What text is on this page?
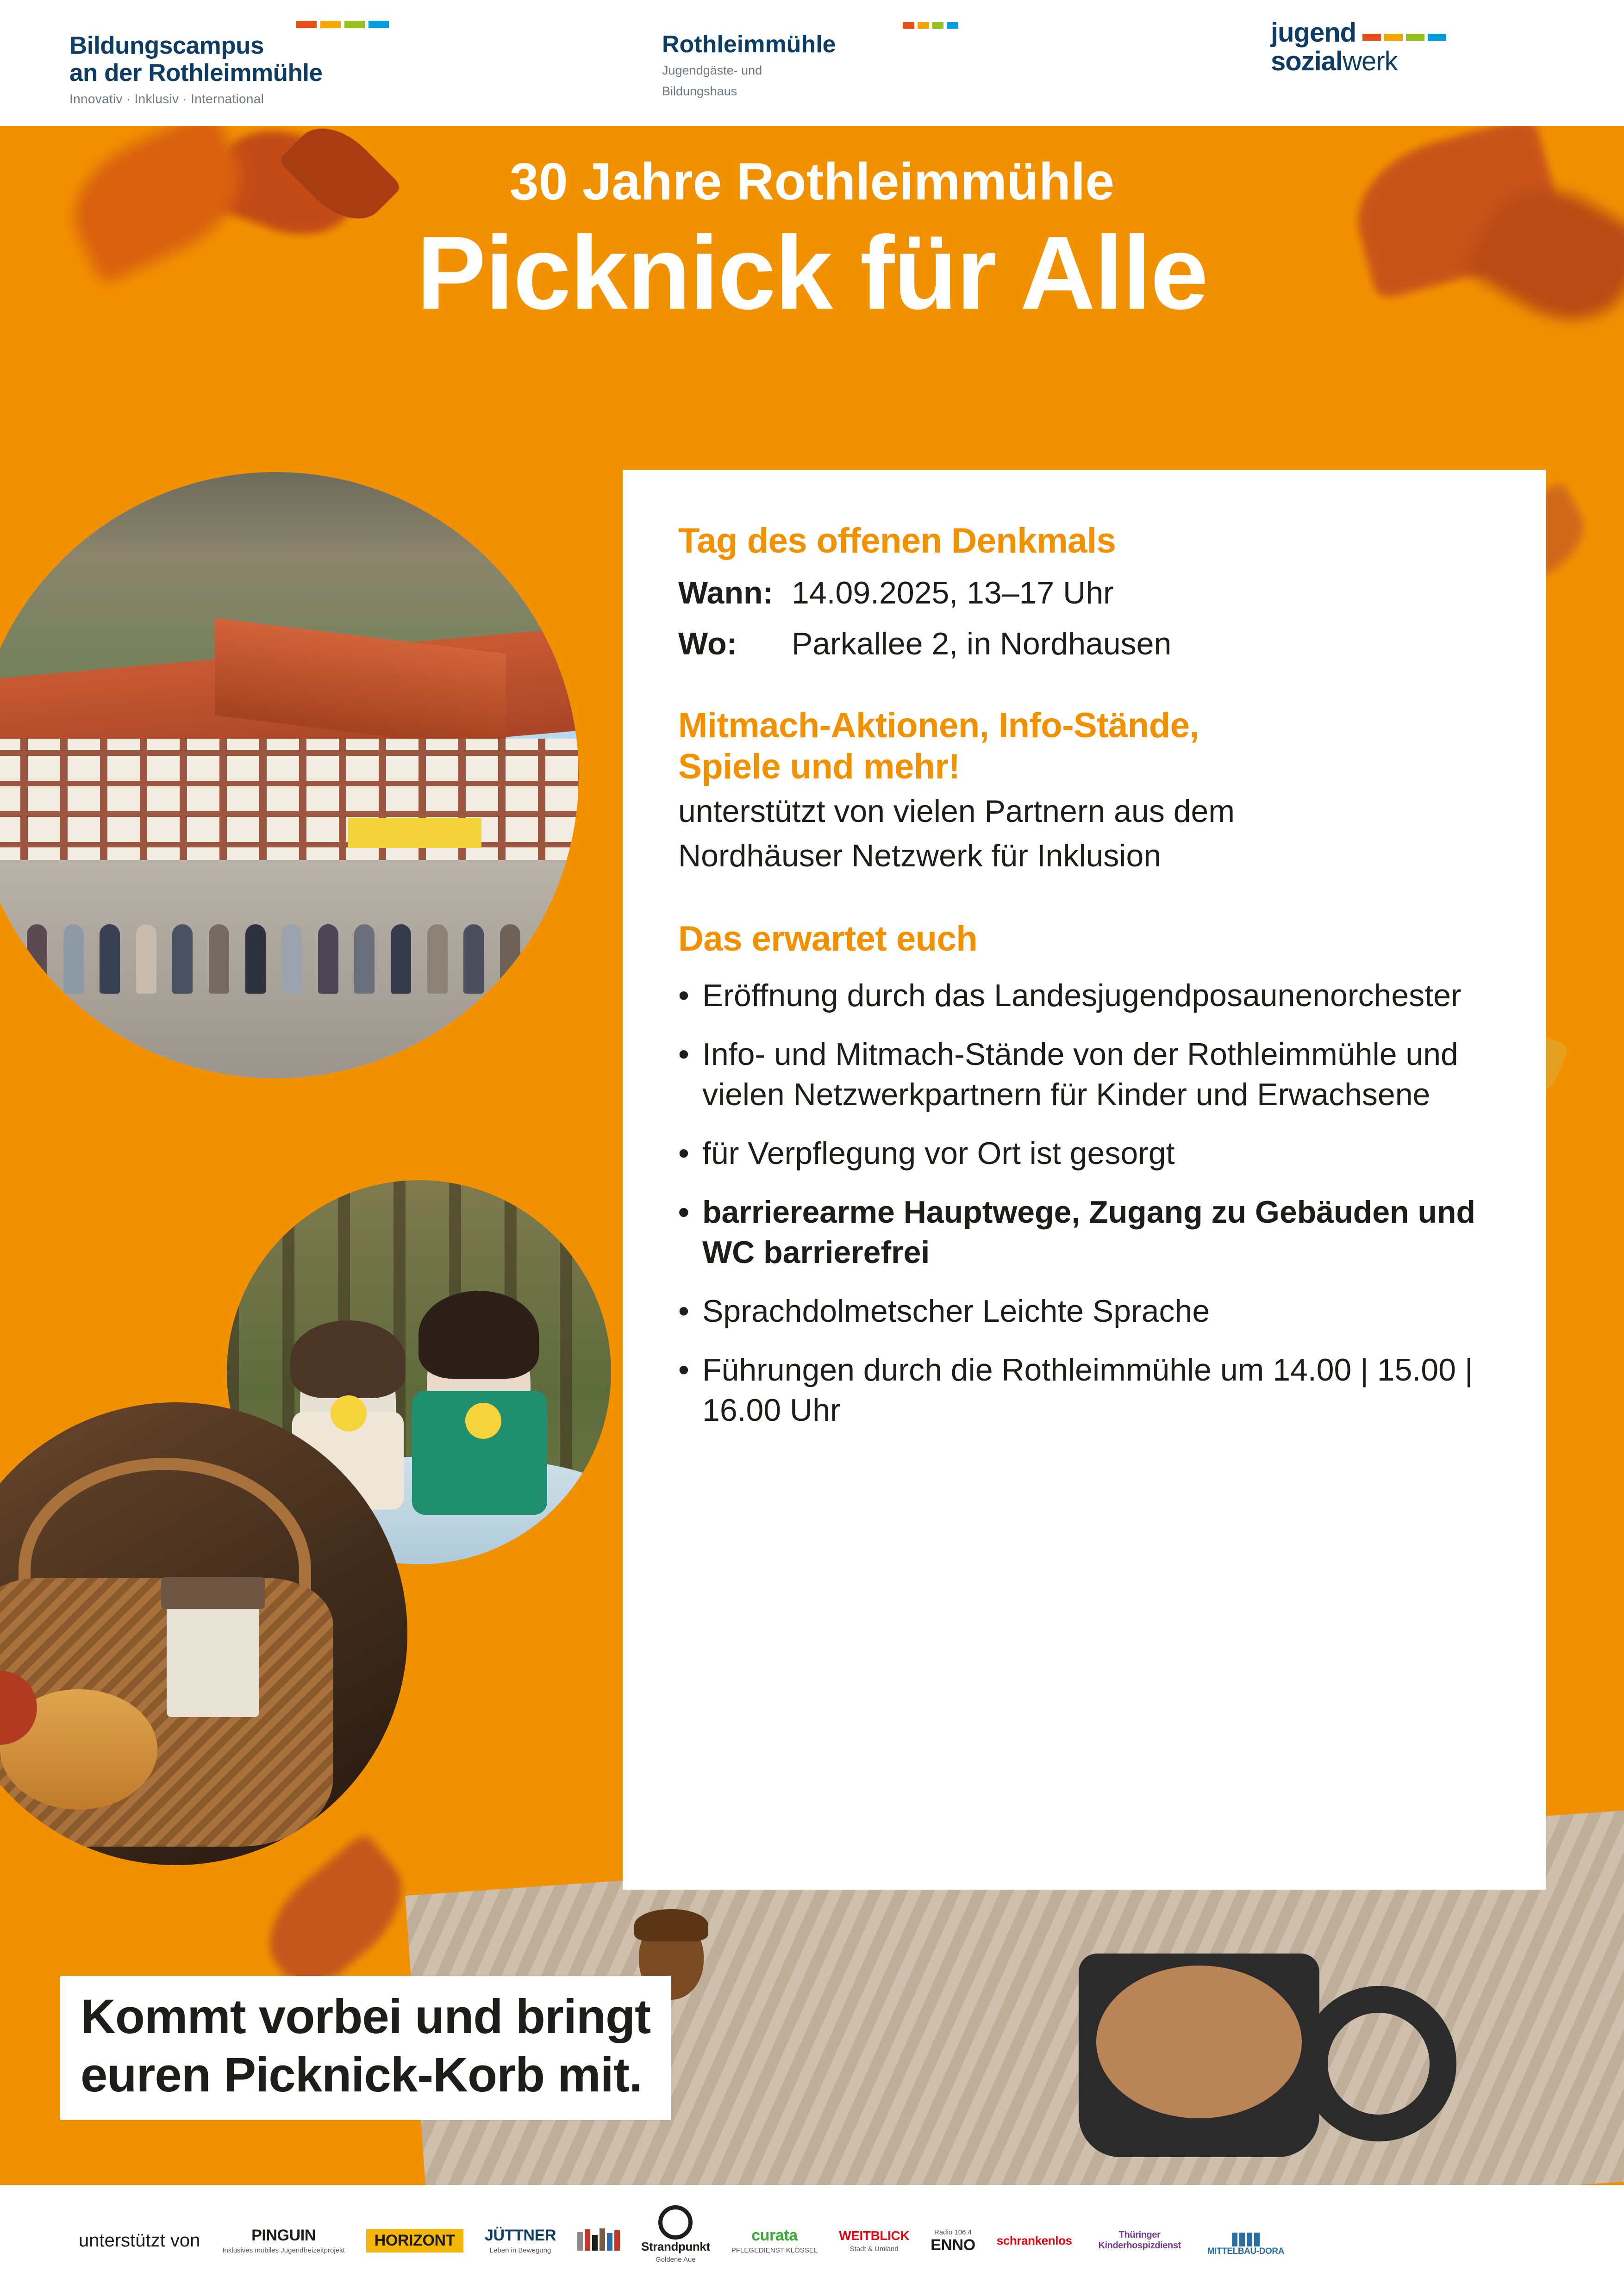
Bildungscampus
an der Rothleimmühle
Innovativ · Inklusiv · International
Rothleimmühle
Jugendgäste- und
Bildungshaus
jugend
sozialwerk
30 Jahre Rothleimmühle
Picknick für Alle
Tag des offenen Denkmals
Wann: 14.09.2025, 13–17 Uhr
Wo:	Parkallee 2, in Nordhausen
Mitmach-Aktionen, Info-Stände,
Spiele und mehr!
unterstützt von vielen Partnern aus dem
Nordhäuser Netzwerk für Inklusion
Das erwartet euch
• Eröffnung durch das Landesjugendposaunenorchester
• Info- und Mitmach-Stände von der Rothleimmühle und vielen Netzwerkpartnern für Kinder und Erwachsene
• für Verpflegung vor Ort ist gesorgt
• barrierearme Hauptwege, Zugang zu Gebäuden und WC barrierefrei
• Sprachdolmetscher Leichte Sprache
• Führungen durch die Rothleimmühle um 14.00 | 15.00 | 16.00 Uhr
Kommt vorbei und bringt
euren Picknick-Korb mit.
unterstützt von	PINGUIN
Inklusives mobiles Jugendfreizeitprojekt
HORIZONT	JÜTTNER
Leben in Bewegung	Strandpunkt
Goldene Aue
curata
PFLEGEDIENST KLÖSSEL
WEITBLICK
Stadt & Umland
Radio 106.4
ENNO schrankenlos	Thüringer Kinderhospizdienst
MITTELBAU-DORA
